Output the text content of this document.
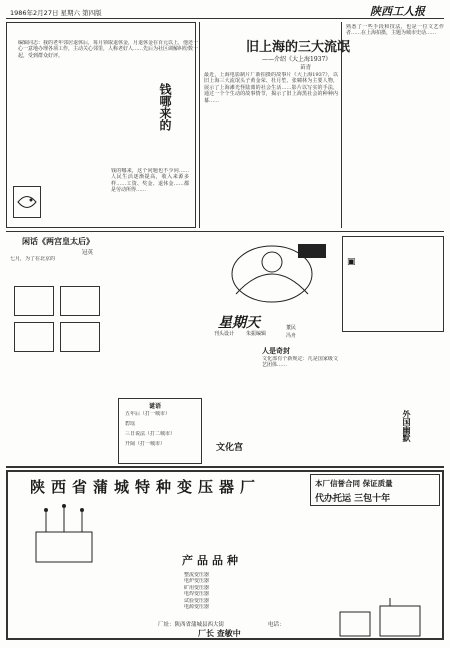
1986年2月27日 星期六 第四版	陕西工人报
编辑同志：我的老年邻居退休后，每月领取退休金，月退休金在百元以上，他还一心一意地办理各项工作，主动关心邻里，人称老好人……先后为社区调解纠纷数十起，受到群众好评。
钱哪来的
钱的哪来，这个问题也不少问……人民生活逐渐提高，收入来源多样……工资、奖金、退休金……都是劳动所得……
旧上海的三大流氓
——介绍《大上海1937》
苗青
最近，上海电影制片厂新拍摄的故事片《大上海1937》，以旧上海三大流氓头子黄金荣、杜月笙、张啸林为主要人物，展示了上海滩光怪陆离的社会生活……影片以写实的手法，通过一个个生动的故事情节，揭示了旧上海黑社会的种种内幕……
熟悉了一些手段和技法，也是一位文艺作者……在上海拍摄，主题为城市史话……
闲话《两宫皇太后》
冠英
七月，为了在北京的
星期天
刊头设计 朱振编辑
董民
冯舟
▣
人是奇封
文化部有个新规定：凡是国家级文艺团体……
谜语
五年后（打一城市）
碧瑶
三日说法（打二城市）
开阔（打一城市）	文化宫
外国幽默
陕西省蒲城特种变压器厂	本厂信誉合同 保证质量
代办托运 三包十年
产品品种
整流变压器
电炉变压器
矿用变压器
电焊变压器
试验变压器
电源变压器
厂址：陕西省蒲城县西大街	电话：
厂长 查敏中
